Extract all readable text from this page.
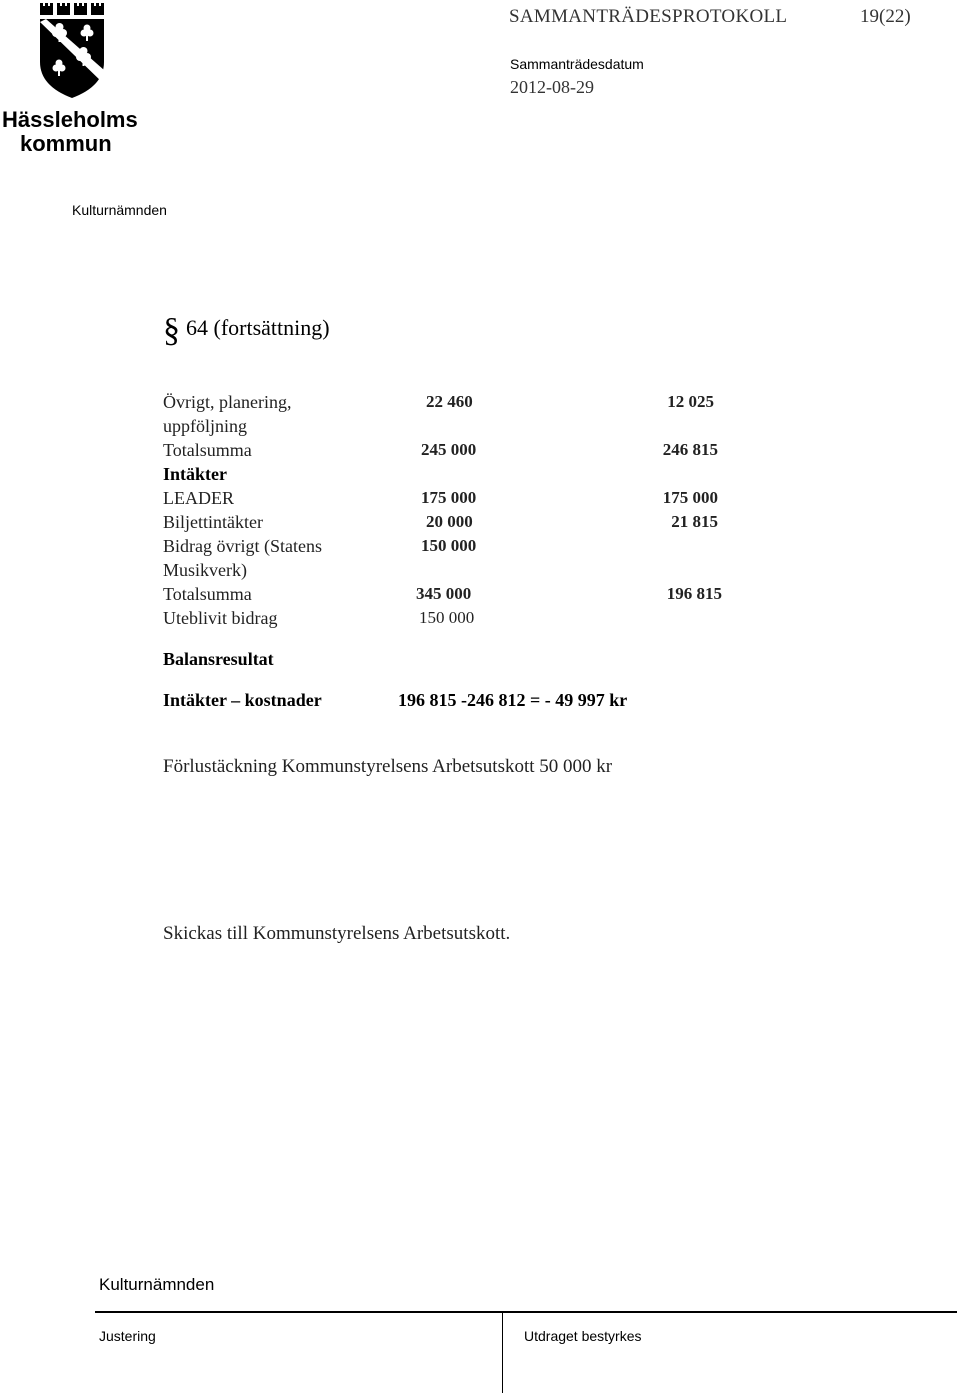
Hässleholms
kommun
SAMMANTRÄDESPROTOKOLL	19(22)
Sammanträdesdatum
2012-08-29
Kulturnämnden
§ 64 (fortsättning)
Övrigt, planering,	22 460	12 025
uppföljning
Totalsumma	245 000	246 815
Intäkter
LEADER	175 000	175 000
Biljettintäkter	20 000	21 815
Bidrag övrigt (Statens	150 000
Musikverk)
Totalsumma	345 000	196 815
Uteblivit bidrag	150 000
Balansresultat
Intäkter – kostnader	196 815 -246 812 = - 49 997 kr
Förlustäckning Kommunstyrelsens Arbetsutskott 50 000 kr
Skickas till Kommunstyrelsens Arbetsutskott.
Kulturnämnden
Justering	Utdraget bestyrkes
